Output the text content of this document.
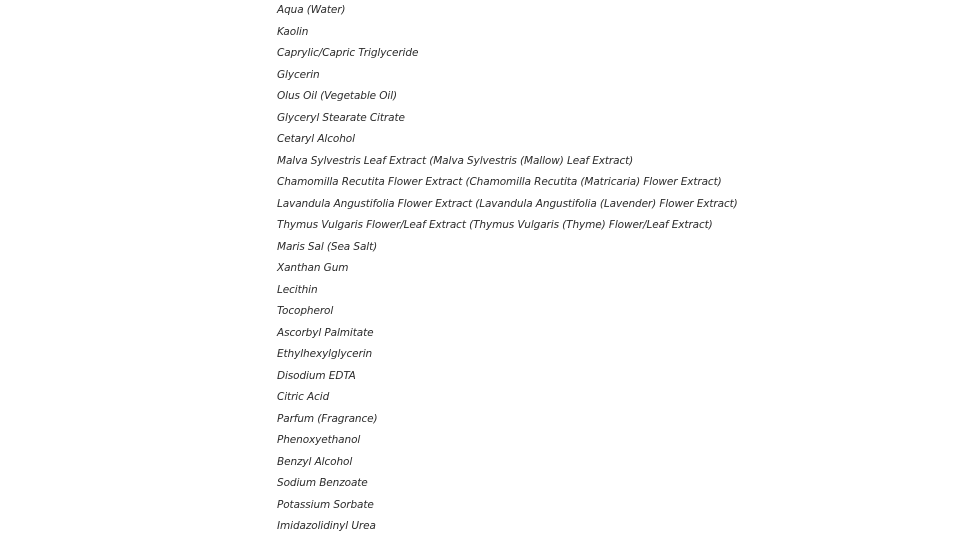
Aqua (Water)
Kaolin
Caprylic/Capric Triglyceride
Glycerin
Olus Oil (Vegetable Oil)
Glyceryl Stearate Citrate
Cetaryl Alcohol
Malva Sylvestris Leaf Extract (Malva Sylvestris (Mallow) Leaf Extract)
Chamomilla Recutita Flower Extract (Chamomilla Recutita (Matricaria) Flower Extract)
Lavandula Angustifolia Flower Extract (Lavandula Angustifolia (Lavender) Flower Extract)
Thymus Vulgaris Flower/Leaf Extract (Thymus Vulgaris (Thyme) Flower/Leaf Extract)
Maris Sal (Sea Salt)
Xanthan Gum
Lecithin
Tocopherol
Ascorbyl Palmitate
Ethylhexylglycerin
Disodium EDTA
Citric Acid
Parfum (Fragrance)
Phenoxyethanol
Benzyl Alcohol
Sodium Benzoate
Potassium Sorbate
Imidazolidinyl Urea
